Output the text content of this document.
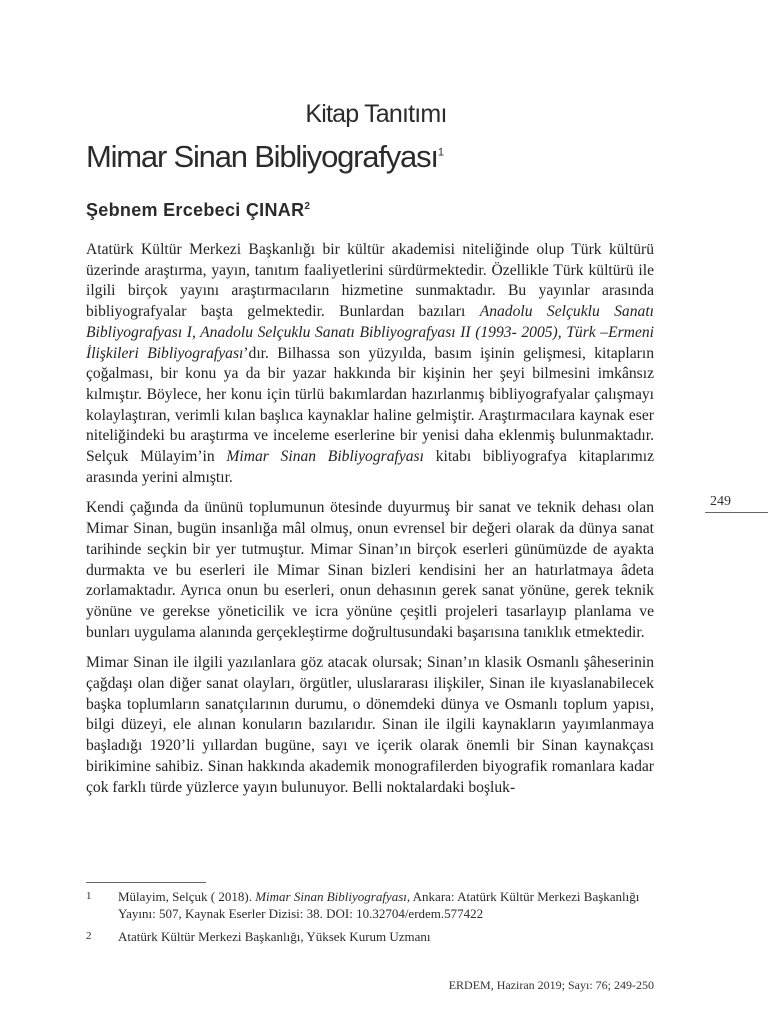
Kitap Tanıtımı
Mimar Sinan Bibliyografyası$^1$
Şebnem Ercebeci ÇINAR$^2$

Atatürk Kültür Merkezi Başkanlığı bir kültür akademisi niteliğinde olup Türk kültürü üzerinde araştırma, yayın, tanıtım faaliyetlerini sürdürmektedir. Özellikle Türk kültürü ile ilgili birçok yayını araştırmacıların hizmetine sunmaktadır. Bu yayınlar arasında bibliyografyalar başta gelmektedir. Bunlardan bazıları Anadolu Selçuklu Sanatı Bibliyografyası I, Anadolu Selçuklu Sanatı Bibliyografyası II (1993- 2005), Türk –Ermeni İlişkileri Bibliyografyası’dır. Bilhassa son yüzyılda, basım işinin gelişmesi, kitapların çoğalması, bir konu ya da bir yazar hakkında bir kişinin her şeyi bilmesini imkânsız kılmıştır. Böylece, her konu için türlü bakımlardan hazırlanmış bibliyografyalar çalışmayı kolaylaştıran, verimli kılan başlıca kaynaklar haline gelmiştir. Araştırmacılara kaynak eser niteliğindeki bu araştırma ve inceleme eserlerine bir yenisi daha eklenmiş bulunmaktadır. Selçuk Mülayim’in Mimar Sinan Bibliyografyası kitabı bibliyografya kitaplarımız arasında yerini almıştır.

Kendi çağında da ününü toplumunun ötesinde duyurmuş bir sanat ve teknik dehası olan Mimar Sinan, bugün insanlığa mâl olmuş, onun evrensel bir değeri olarak da dünya sanat tarihinde seçkin bir yer tutmuştur. Mimar Sinan’ın birçok eserleri günümüzde de ayakta durmakta ve bu eserleri ile Mimar Sinan bizleri kendisini her an hatırlatmaya âdeta zorlamaktadır. Ayrıca onun bu eserleri, onun dehasının gerek sanat yönüne, gerek teknik yönüne ve gerekse yöneticilik ve icra yönüne çeşitli projeleri tasarlayıp planlama ve bunları uygulama alanında gerçekleştirme doğrultusundaki başarısına tanıklık etmektedir.

Mimar Sinan ile ilgili yazılanlara göz atacak olursak; Sinan’ın klasik Osmanlı şâheserinin çağdaşı olan diğer sanat olayları, örgütler, uluslararası ilişkiler, Sinan ile kıyaslanabilecek başka toplumların sanatçılarının durumu, o dönemdeki dünya ve Osmanlı toplum yapısı, bilgi düzeyi, ele alınan konuların bazılarıdır. Sinan ile ilgili kaynakların yayımlanmaya başladığı 1920’li yıllardan bugüne, sayı ve içerik olarak önemli bir Sinan kaynakçası birikimine sahibiz. Sinan hakkında akademik monografilerden biyografik romanlara kadar çok farklı türde yüzlerce yayın bulunuyor. Belli noktalardaki boşluk-

249
1	Mülayim, Selçuk ( 2018). Mimar Sinan Bibliyografyası, Ankara: Atatürk Kültür Merkezi Başkanlığı Yayını: 507, Kaynak Eserler Dizisi: 38. DOI: 10.32704/erdem.577422
2	Atatürk Kültür Merkezi Başkanlığı, Yüksek Kurum Uzmanı
ERDEM, Haziran 2019; Sayı: 76; 249-250
